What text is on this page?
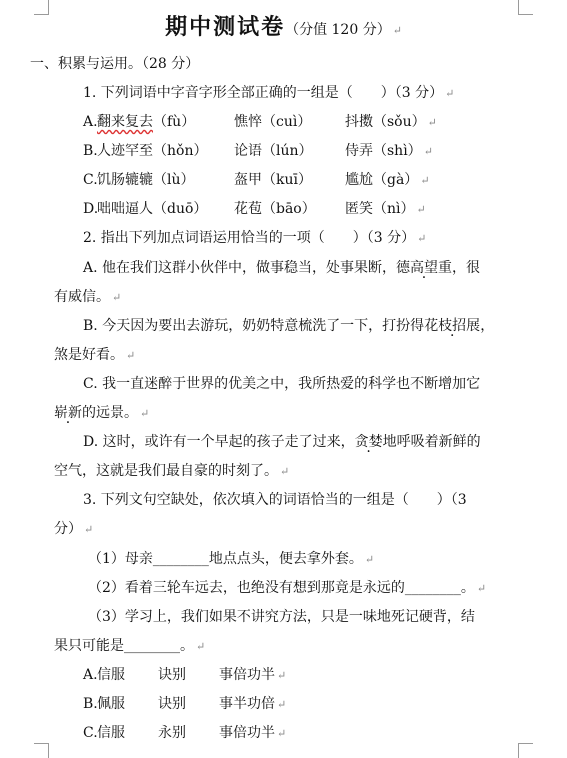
期中测试卷（分值 120 分） ↵
一、积累与运用。（28 分）
1. 下列词语中字音字形全部正确的一组是（　　）（3 分） ↵
A. 翻来复去（fù）	憔悴（cuì） 抖擞（sǒu） ↵
B. 人迹罕至（hǒn） 论语（lún） 侍弄（shì） ↵
C. 饥肠辘辘（lù）	盔甲（kuī） 尴尬（gà） ↵
D.
咄咄逼人（duō） 花苞（bāo） 匿笑（nì） ↵
2. 指出下列加点词语运用恰当的一项（　　）（3 分） ↵
A. 他在我们这群小伙伴中，做事稳当，处事果断，德高望重，很
有威信。 ↵
B. 今天因为要出去游玩，奶奶特意梳洗了一下，打扮得花枝招展，
煞是好看。 ↵
C. 我一直迷醉于世界的优美之中，我所热爱的科学也不断增加它
崭新的远景。 ↵
D. 这时，或许有一个早起的孩子走了过来，贪婪地呼吸着新鲜的
空气，这就是我们最自豪的时刻了。 ↵
3. 下列文句空缺处，依次填入的词语恰当的一组是（　　）（3
分） ↵
（1）母亲________地点点头，便去拿外套。 ↵
（2）看着三轮车远去，也绝没有想到那竟是永远的________。 ↵
（3）学习上，我们如果不讲究方法，只是一味地死记硬背，结
果只可能是________。 ↵
A. 信服 诀别 事倍功半 ↵
B. 佩服 诀别 事半功倍 ↵
C. 信服 永别 事倍功半 ↵
